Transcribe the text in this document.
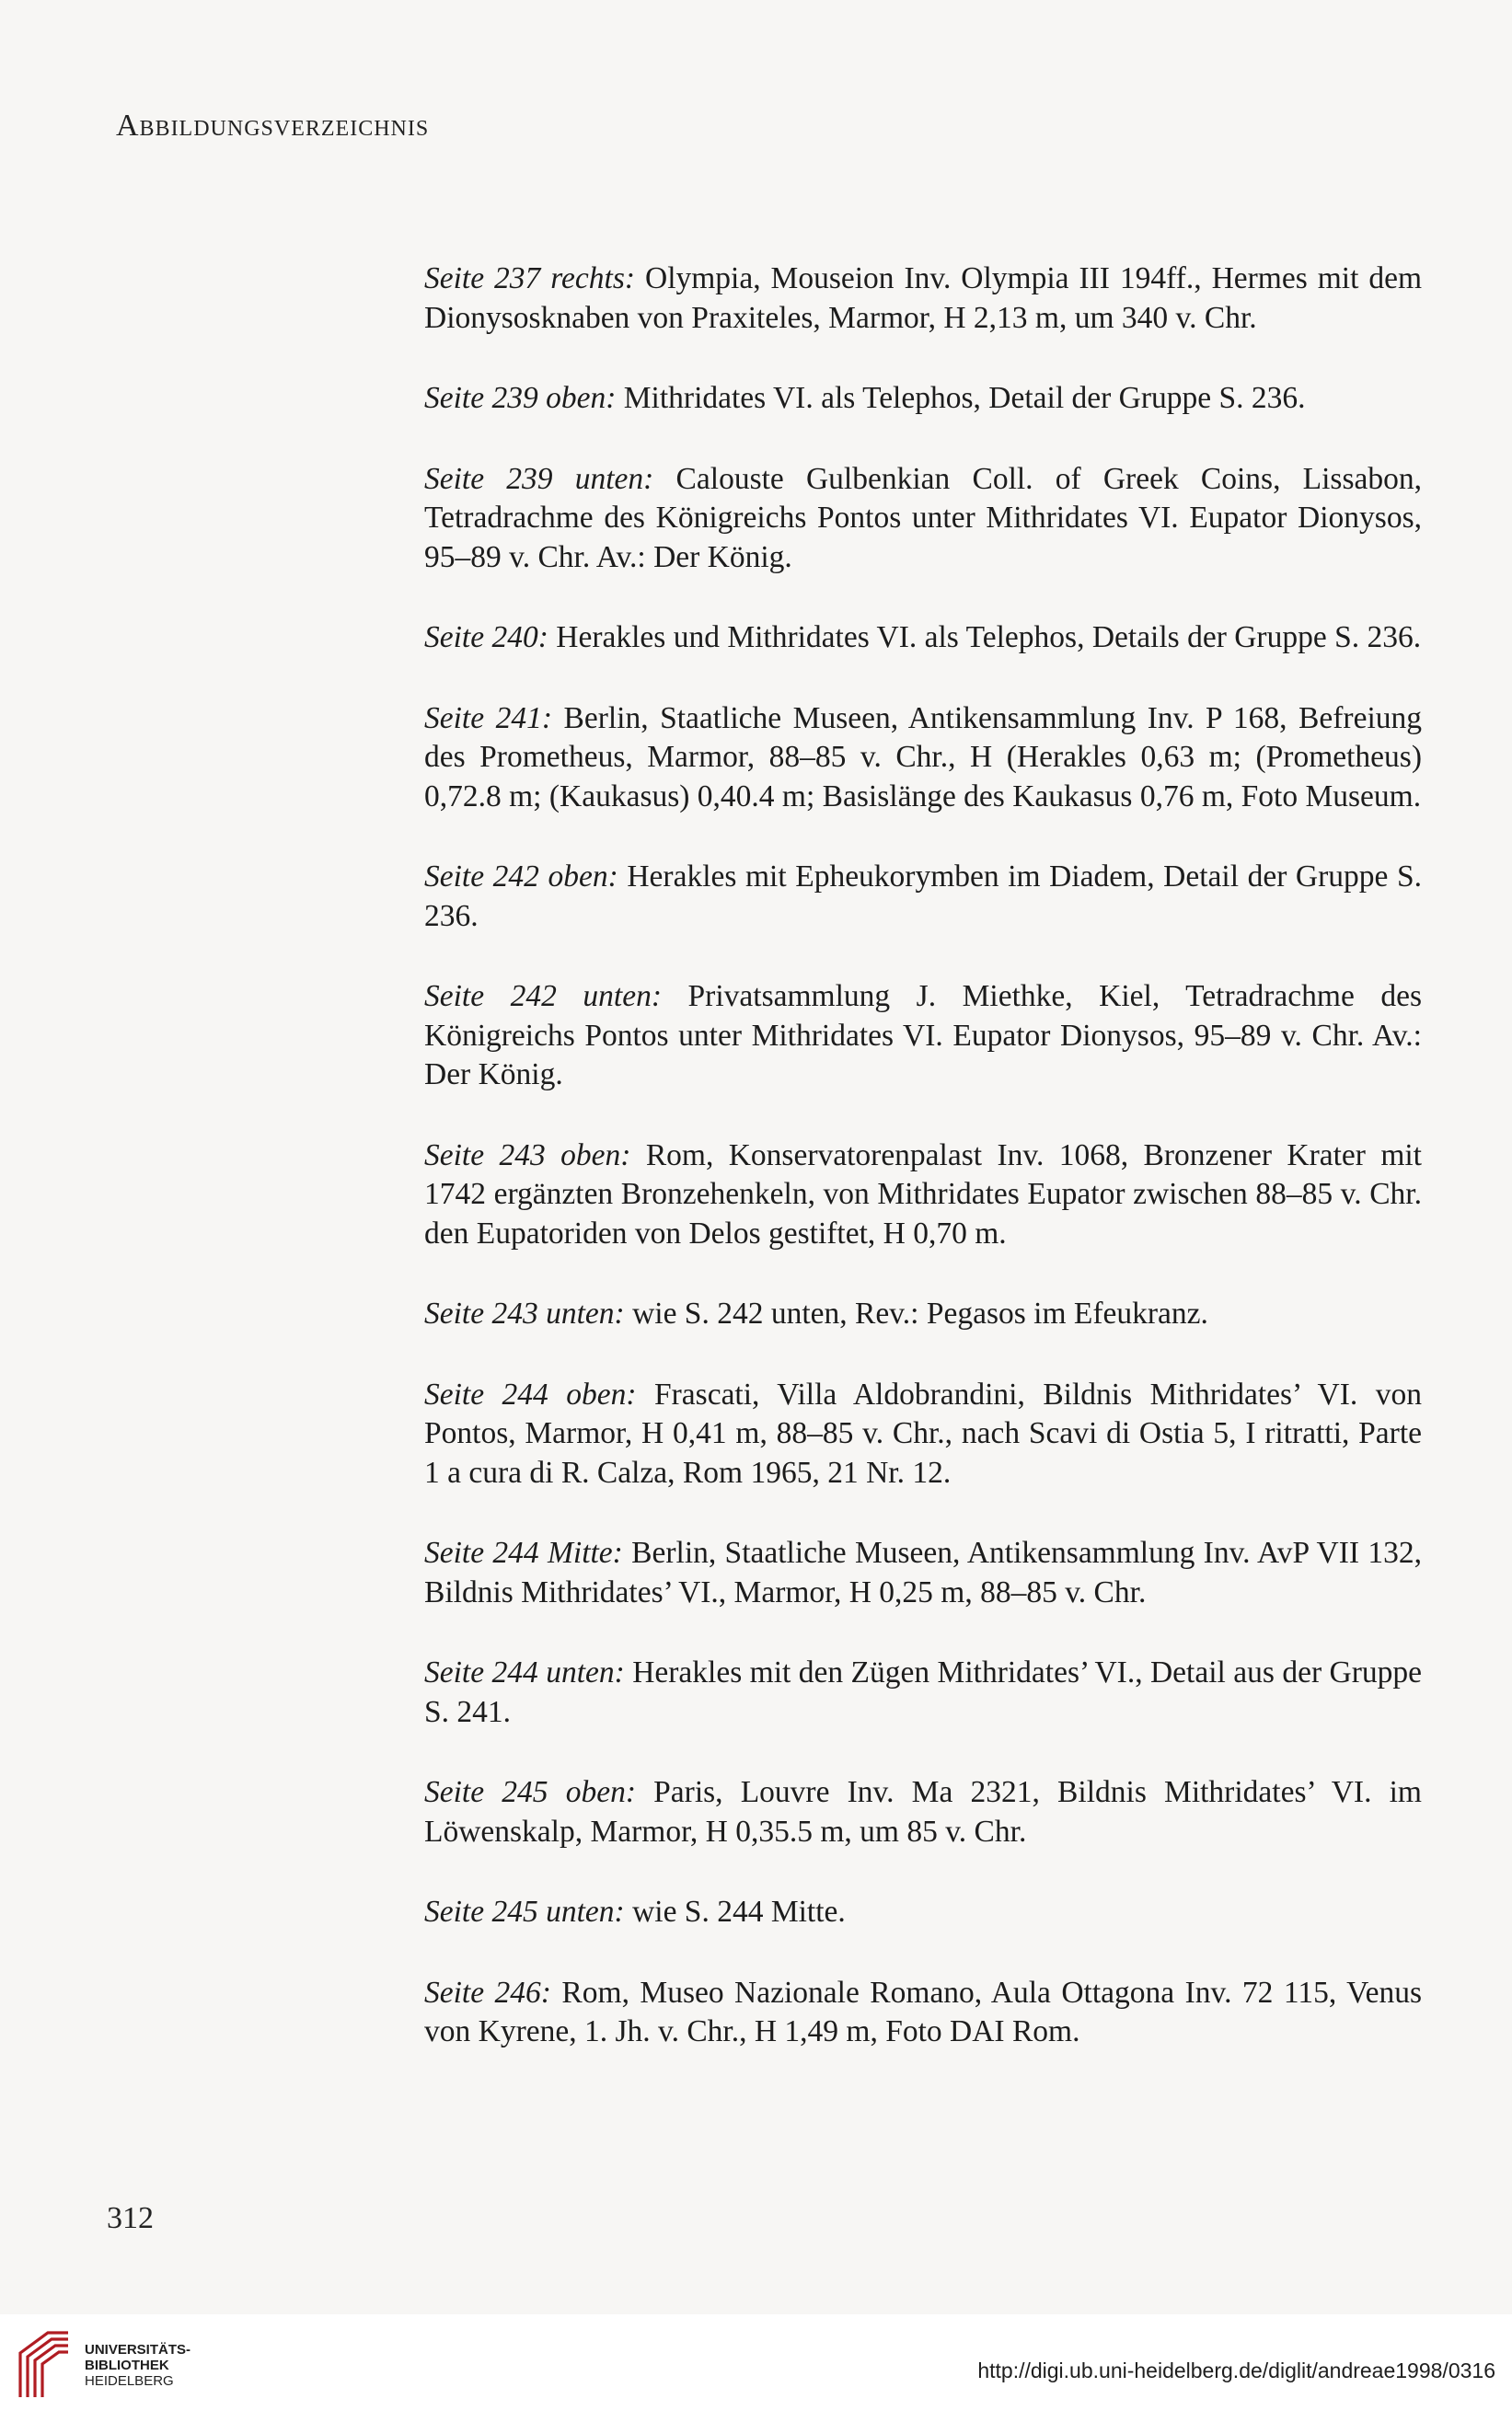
Abbildungsverzeichnis

Seite 237 rechts: Olympia, Mouseion Inv. Olympia III 194ff., Hermes mit dem Dionysosknaben von Praxiteles, Marmor, H 2,13 m, um 340 v. Chr.

Seite 239 oben: Mithridates VI. als Telephos, Detail der Gruppe S. 236.

Seite 239 unten: Calouste Gulbenkian Coll. of Greek Coins, Lissabon, Tetradrachme des Königreichs Pontos unter Mithridates VI. Eupator Dionysos, 95–89 v. Chr. Av.: Der König.

Seite 240: Herakles und Mithridates VI. als Telephos, Details der Gruppe S. 236.

Seite 241: Berlin, Staatliche Museen, Antikensammlung Inv. P 168, Befreiung des Prometheus, Marmor, 88–85 v. Chr., H (Herakles 0,63 m; (Prometheus) 0,72.8 m; (Kaukasus) 0,40.4 m; Basislänge des Kaukasus 0,76 m, Foto Museum.

Seite 242 oben: Herakles mit Epheukorymben im Diadem, Detail der Gruppe S. 236.

Seite 242 unten: Privatsammlung J. Miethke, Kiel, Tetradrachme des Königreichs Pontos unter Mithridates VI. Eupator Dionysos, 95–89 v. Chr. Av.: Der König.

Seite 243 oben: Rom, Konservatorenpalast Inv. 1068, Bronzener Krater mit 1742 ergänzten Bronzehenkeln, von Mithridates Eupator zwischen 88–85 v. Chr. den Eupatoriden von Delos gestiftet, H 0,70 m.

Seite 243 unten: wie S. 242 unten, Rev.: Pegasos im Efeukranz.

Seite 244 oben: Frascati, Villa Aldobrandini, Bildnis Mithridates’ VI. von Pontos, Marmor, H 0,41 m, 88–85 v. Chr., nach Scavi di Ostia 5, I ritratti, Parte 1 a cura di R. Calza, Rom 1965, 21 Nr. 12.

Seite 244 Mitte: Berlin, Staatliche Museen, Antikensammlung Inv. AvP VII 132, Bildnis Mithridates’ VI., Marmor, H 0,25 m, 88–85 v. Chr.

Seite 244 unten: Herakles mit den Zügen Mithridates’ VI., Detail aus der Gruppe S. 241.

Seite 245 oben: Paris, Louvre Inv. Ma 2321, Bildnis Mithridates’ VI. im Löwenskalp, Marmor, H 0,35.5 m, um 85 v. Chr.

Seite 245 unten: wie S. 244 Mitte.

Seite 246: Rom, Museo Nazionale Romano, Aula Ottagona Inv. 72 115, Venus von Kyrene, 1. Jh. v. Chr., H 1,49 m, Foto DAI Rom.

312
UNIVERSITÄTS-
BIBLIOTHEK
HEIDELBERG	http://digi.ub.uni-heidelberg.de/diglit/andreae1998/0316
